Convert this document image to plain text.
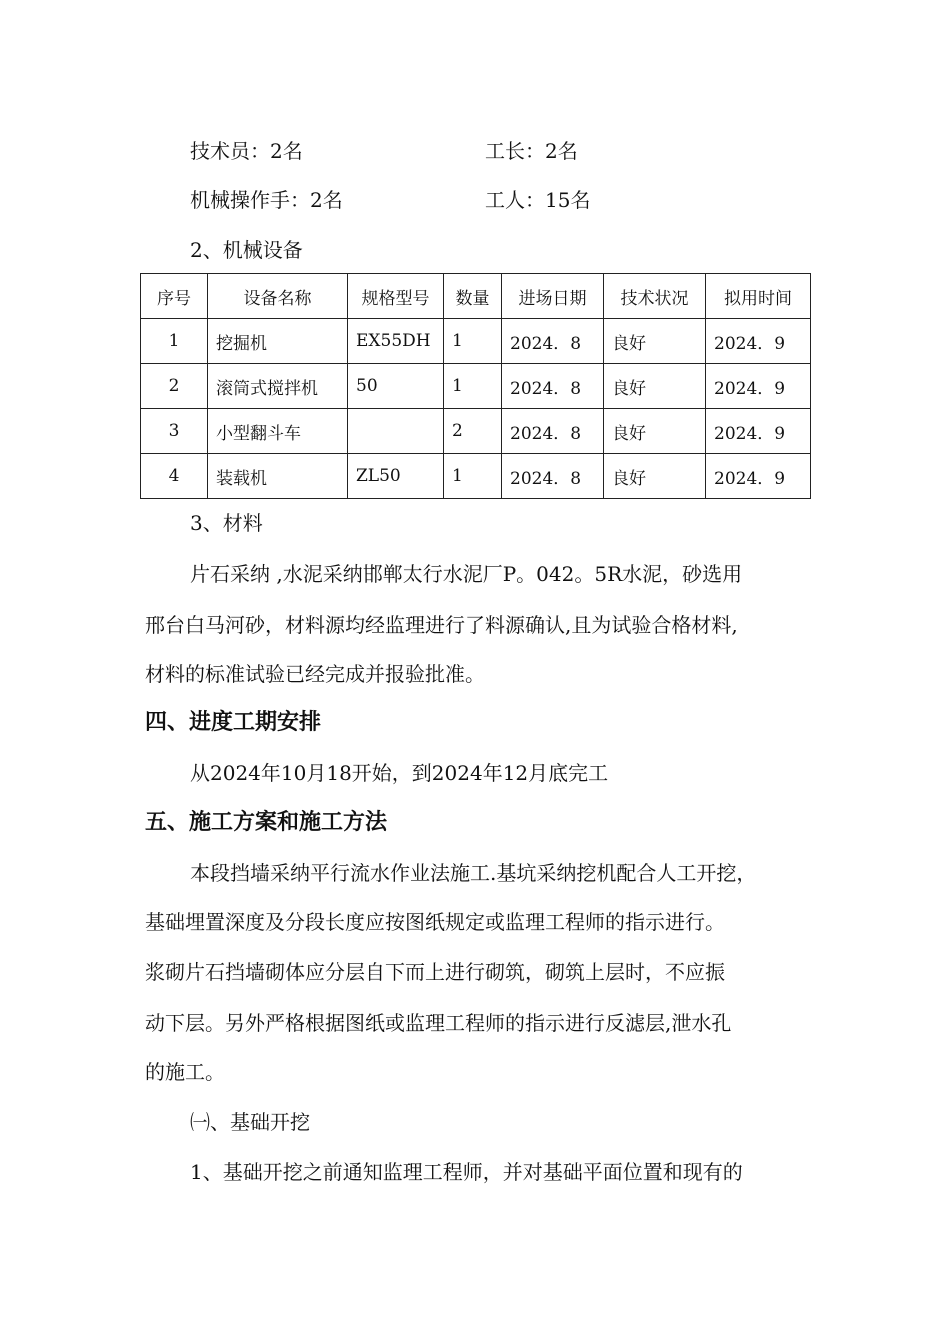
技术员：2名	工长：2名
机械操作手：2名	工人：15名
2、机械设备
序号	设备名称	规格型号	数量	进场日期	技术状况	拟用时间
1	挖掘机	EX55DH	1	2024．8	良好	2024．9
2	滚筒式搅拌机	50	1	2024．8	良好	2024．9
3	小型翻斗车		2	2024．8	良好	2024．9
4	装载机	ZL50	1	2024．8	良好	2024．9
3、材料
片石采纳 ,水泥采纳邯郸太行水泥厂P。042。5R水泥，砂选用
邢台白马河砂，材料源均经监理进行了料源确认,且为试验合格材料,
材料的标准试验已经完成并报验批准。
四、进度工期安排
从2024年10月18开始，到2024年12月底完工
五、施工方案和施工方法
本段挡墙采纳平行流水作业法施工.基坑采纳挖机配合人工开挖，
基础埋置深度及分段长度应按图纸规定或监理工程师的指示进行。
浆砌片石挡墙砌体应分层自下而上进行砌筑，砌筑上层时，不应振
动下层。另外严格根据图纸或监理工程师的指示进行反滤层,泄水孔
的施工。
㈠、基础开挖
1、基础开挖之前通知监理工程师，并对基础平面位置和现有的
